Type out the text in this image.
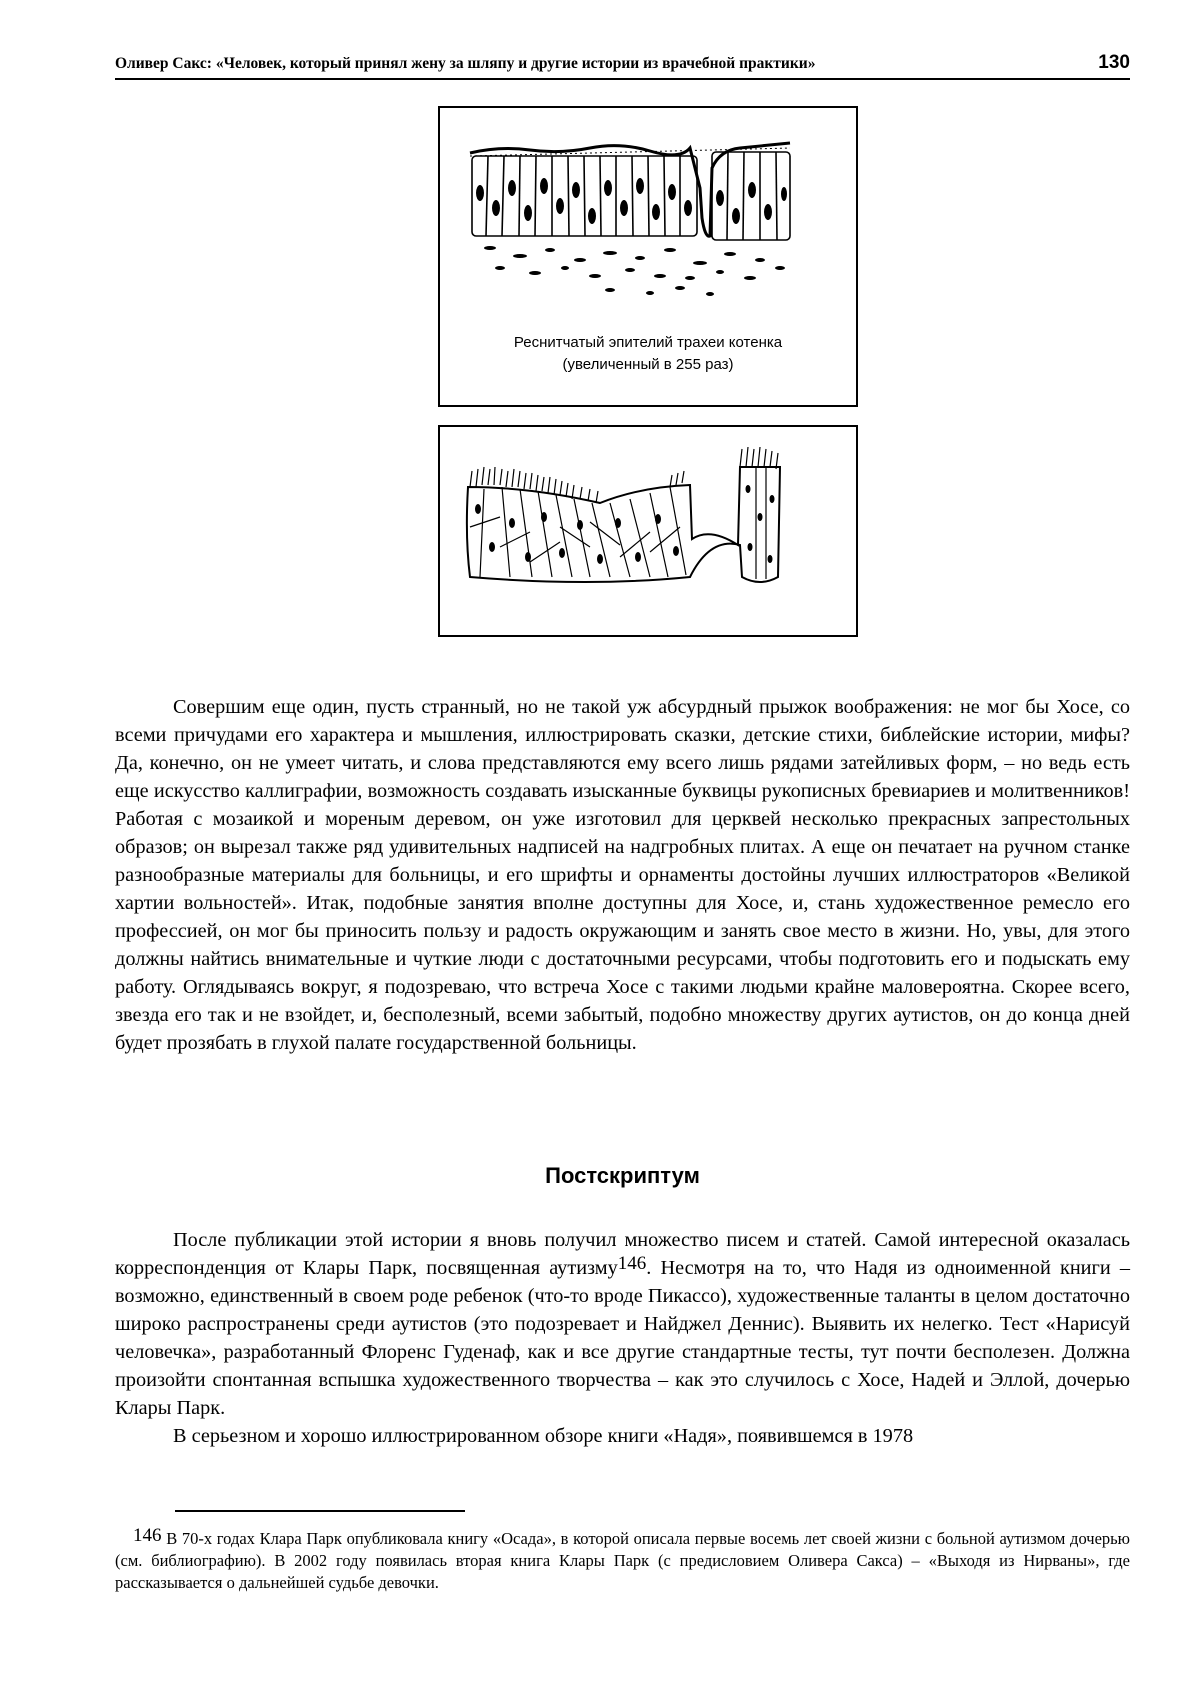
Оливер Сакс: «Человек, который принял жену за шляпу и другие истории из врачебной практики»	130
Реснитчатый эпителий трахеи котенка
(увеличенный в 255 раз)

Совершим еще один, пусть странный, но не такой уж абсурдный прыжок воображения: не мог бы Хосе, со всеми причудами его характера и мышления, иллюстрировать сказки, детские стихи, библейские истории, мифы? Да, конечно, он не умеет читать, и слова представляются ему всего лишь рядами затейливых форм, – но ведь есть еще искусство каллиграфии, возможность создавать изысканные буквицы рукописных бревиариев и молитвенников! Работая с мозаикой и мореным деревом, он уже изготовил для церквей несколько прекрасных запрестольных образов; он вырезал также ряд удивительных надписей на надгробных плитах. А еще он печатает на ручном станке разнообразные материалы для больницы, и его шрифты и орнаменты достойны лучших иллюстраторов «Великой хартии вольностей». Итак, подобные занятия вполне доступны для Хосе, и, стань художественное ремесло его профессией, он мог бы приносить пользу и радость окружающим и занять свое место в жизни. Но, увы, для этого должны найтись внимательные и чуткие люди с достаточными ресурсами, чтобы подготовить его и подыскать ему работу. Оглядываясь вокруг, я подозреваю, что встреча Хосе с такими людьми крайне маловероятна. Скорее всего, звезда его так и не взойдет, и, бесполезный, всеми забытый, подобно множеству других аутистов, он до конца дней будет прозябать в глухой палате государственной больницы.

Постскриптум

После публикации этой истории я вновь получил множество писем и статей. Самой интересной оказалась корреспонденция от Клары Парк, посвященная аутизму$^{146}$. Несмотря на то, что Надя из одноименной книги – возможно, единственный в своем роде ребенок (что-то вроде Пикассо), художественные таланты в целом достаточно широко распространены среди аутистов (это подозревает и Найджел Деннис). Выявить их нелегко. Тест «Нарисуй человечка», разработанный Флоренс Гуденаф, как и все другие стандартные тесты, тут почти бесполезен. Должна произойти спонтанная вспышка художественного творчества – как это случилось с Хосе, Надей и Эллой, дочерью Клары Парк.

В серьезном и хорошо иллюстрированном обзоре книги «Надя», появившемся в 1978

146 В 70-х годах Клара Парк опубликовала книгу «Осада», в которой описала первые восемь лет своей жизни с больной аутизмом дочерью (см. библиографию). В 2002 году появилась вторая книга Клары Парк (с предисловием Оливера Сакса) – «Выходя из Нирваны», где рассказывается о дальнейшей судьбе девочки.
